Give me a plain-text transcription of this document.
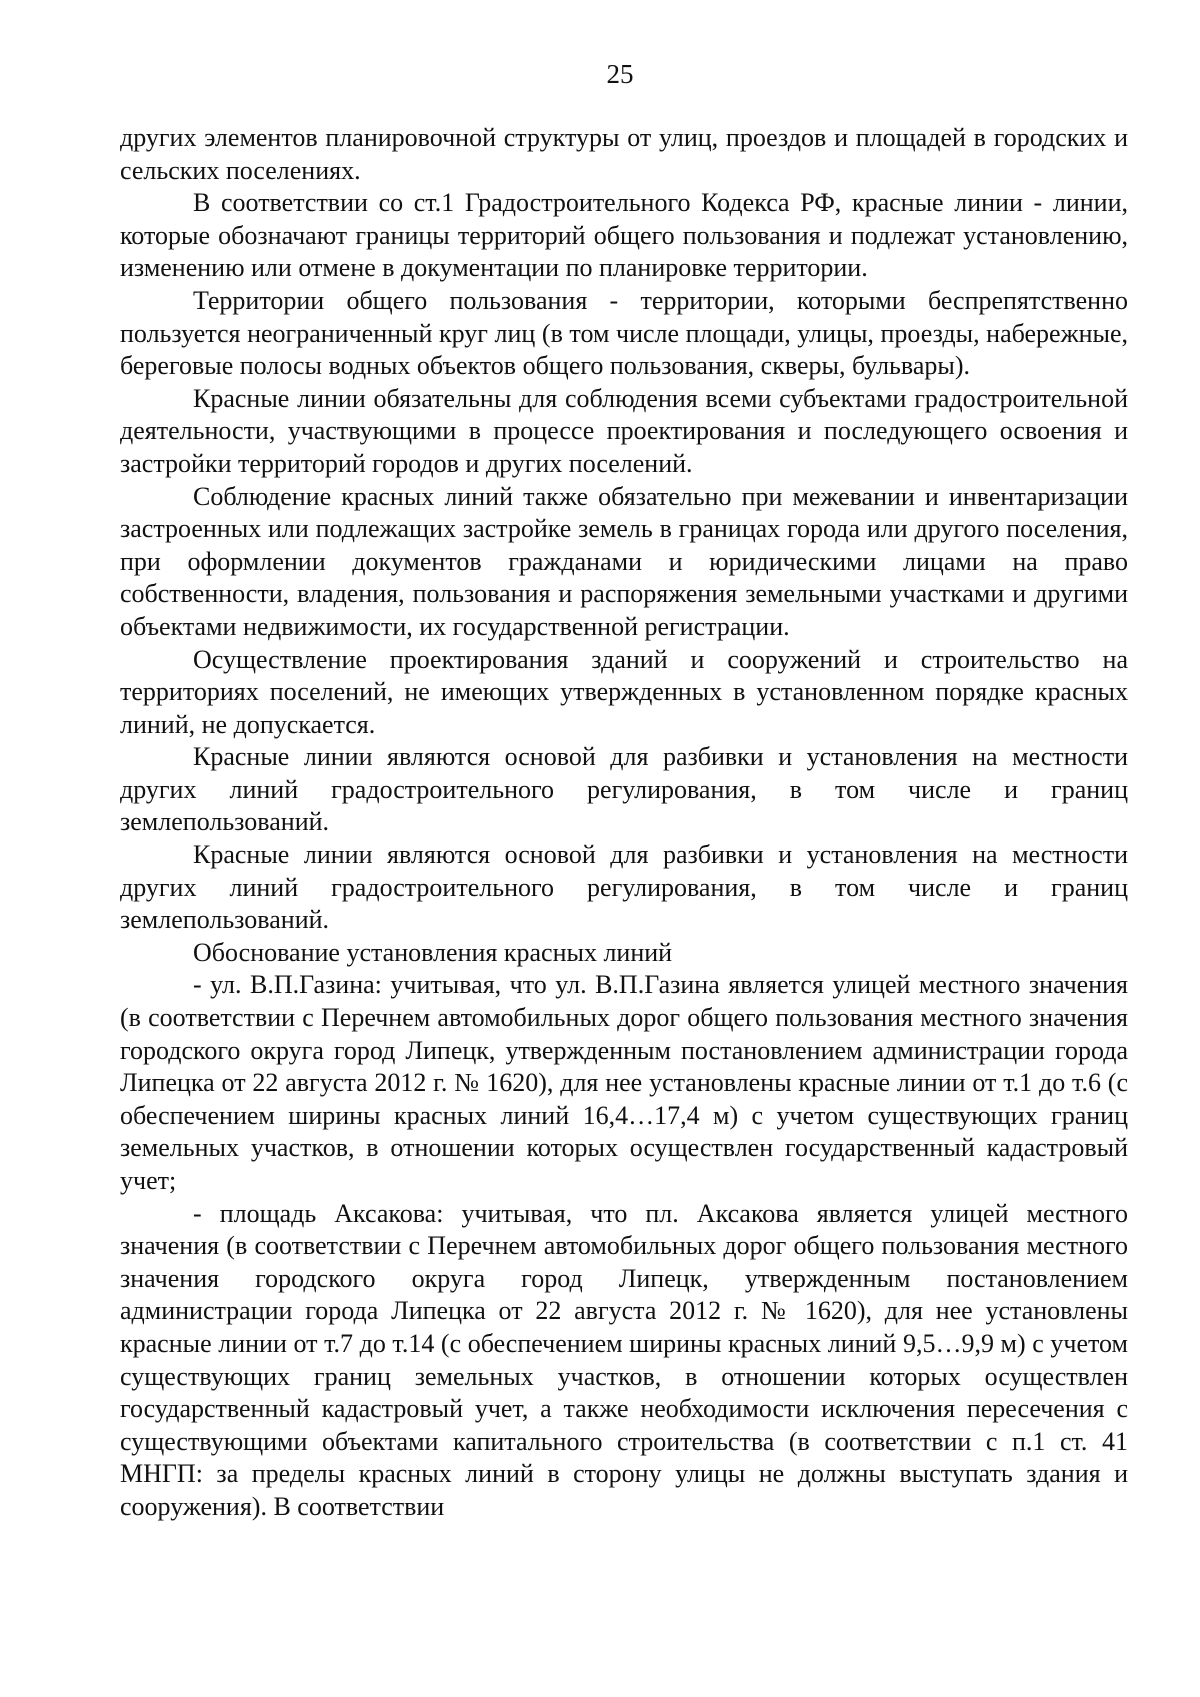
25

других элементов планировочной структуры от улиц, проездов и площадей в городских и сельских поселениях.

В соответствии со ст.1 Градостроительного Кодекса РФ, красные линии - линии, которые обозначают границы территорий общего пользования и подлежат установлению, изменению или отмене в документации по планировке территории.

Территории общего пользования - территории, которыми беспрепятственно пользуется неограниченный круг лиц (в том числе площади, улицы, проезды, набережные, береговые полосы водных объектов общего пользования, скверы, бульвары).

Красные линии обязательны для соблюдения всеми субъектами градостроительной деятельности, участвующими в процессе проектирования и последующего освоения и застройки территорий городов и других поселений.

Соблюдение красных линий также обязательно при межевании и инвентаризации застроенных или подлежащих застройке земель в границах города или другого поселения, при оформлении документов гражданами и юридическими лицами на право собственности, владения, пользования и распоряжения земельными участками и другими объектами недвижимости, их государственной регистрации.

Осуществление проектирования зданий и сооружений и строительство на территориях поселений, не имеющих утвержденных в установленном порядке красных линий, не допускается.

Красные линии являются основой для разбивки и установления на местности других линий градостроительного регулирования, в том числе и границ землепользований.

Красные линии являются основой для разбивки и установления на местности других линий градостроительного регулирования, в том числе и границ землепользований.

Обоснование установления красных линий

- ул. В.П.Газина: учитывая, что ул. В.П.Газина является улицей местного значения (в соответствии с Перечнем автомобильных дорог общего пользования местного значения городского округа город Липецк, утвержденным постановлением администрации города Липецка от 22 августа 2012 г. № 1620), для нее установлены красные линии от т.1 до т.6 (с обеспечением ширины красных линий 16,4…17,4 м) с учетом существующих границ земельных участков, в отношении которых осуществлен государственный кадастровый учет;

- площадь Аксакова: учитывая, что пл. Аксакова является улицей местного значения (в соответствии с Перечнем автомобильных дорог общего пользования местного значения городского округа город Липецк, утвержденным постановлением администрации города Липецка от 22 августа 2012 г. № 1620), для нее установлены красные линии от т.7 до т.14 (с обеспечением ширины красных линий 9,5…9,9 м) с учетом существующих границ земельных участков, в отношении которых осуществлен государственный кадастровый учет, а также необходимости исключения пересечения с существующими объектами капитального строительства (в соответствии с п.1 ст. 41 МНГП: за пределы красных линий в сторону улицы не должны выступать здания и сооружения). В соответствии
